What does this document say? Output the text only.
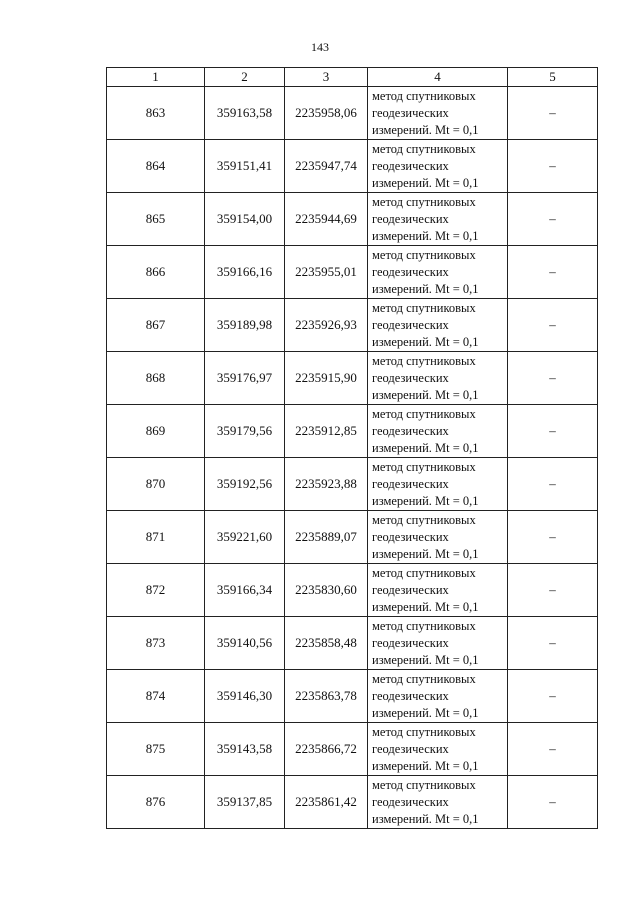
143
1	2	3	4	5
863	359163,58	2235958,06	метод спутниковых
геодезических
измерений. Mt = 0,1	–
864	359151,41	2235947,74	метод спутниковых
геодезических
измерений. Mt = 0,1	–
865	359154,00	2235944,69	метод спутниковых
геодезических
измерений. Mt = 0,1	–
866	359166,16	2235955,01	метод спутниковых
геодезических
измерений. Mt = 0,1	–
867	359189,98	2235926,93	метод спутниковых
геодезических
измерений. Mt = 0,1	–
868	359176,97	2235915,90	метод спутниковых
геодезических
измерений. Mt = 0,1	–
869	359179,56	2235912,85	метод спутниковых
геодезических
измерений. Mt = 0,1	–
870	359192,56	2235923,88	метод спутниковых
геодезических
измерений. Mt = 0,1	–
871	359221,60	2235889,07	метод спутниковых
геодезических
измерений. Mt = 0,1	–
872	359166,34	2235830,60	метод спутниковых
геодезических
измерений. Mt = 0,1	–
873	359140,56	2235858,48	метод спутниковых
геодезических
измерений. Mt = 0,1	–
874	359146,30	2235863,78	метод спутниковых
геодезических
измерений. Mt = 0,1	–
875	359143,58	2235866,72	метод спутниковых
геодезических
измерений. Mt = 0,1	–
876	359137,85	2235861,42	метод спутниковых
геодезических
измерений. Mt = 0,1	–
